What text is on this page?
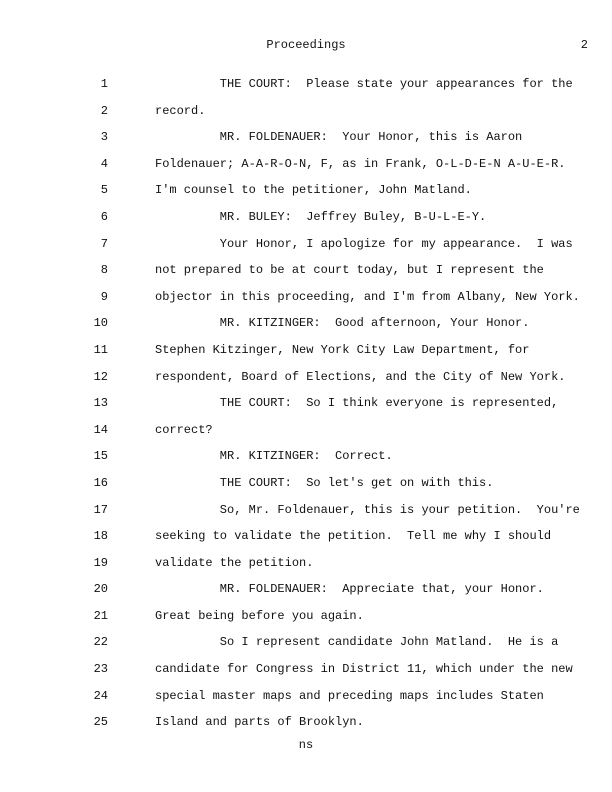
Proceedings	2
1	THE COURT:  Please state your appearances for the
2	record.
3	MR. FOLDENAUER:  Your Honor, this is Aaron
4	Foldenauer; A-A-R-O-N, F, as in Frank, O-L-D-E-N A-U-E-R.
5	I'm counsel to the petitioner, John Matland.
6	MR. BULEY:  Jeffrey Buley, B-U-L-E-Y.
7	Your Honor, I apologize for my appearance.  I was
8	not prepared to be at court today, but I represent the
9	objector in this proceeding, and I'm from Albany, New York.
10	MR. KITZINGER:  Good afternoon, Your Honor.
11	Stephen Kitzinger, New York City Law Department, for
12	respondent, Board of Elections, and the City of New York.
13	THE COURT:  So I think everyone is represented,
14	correct?
15	MR. KITZINGER:  Correct.
16	THE COURT:  So let's get on with this.
17	So, Mr. Foldenauer, this is your petition.  You're
18	seeking to validate the petition.  Tell me why I should
19	validate the petition.
20	MR. FOLDENAUER:  Appreciate that, your Honor.
21	Great being before you again.
22	So I represent candidate John Matland.  He is a
23	candidate for Congress in District 11, which under the new
24	special master maps and preceding maps includes Staten
25	Island and parts of Brooklyn.
ns
